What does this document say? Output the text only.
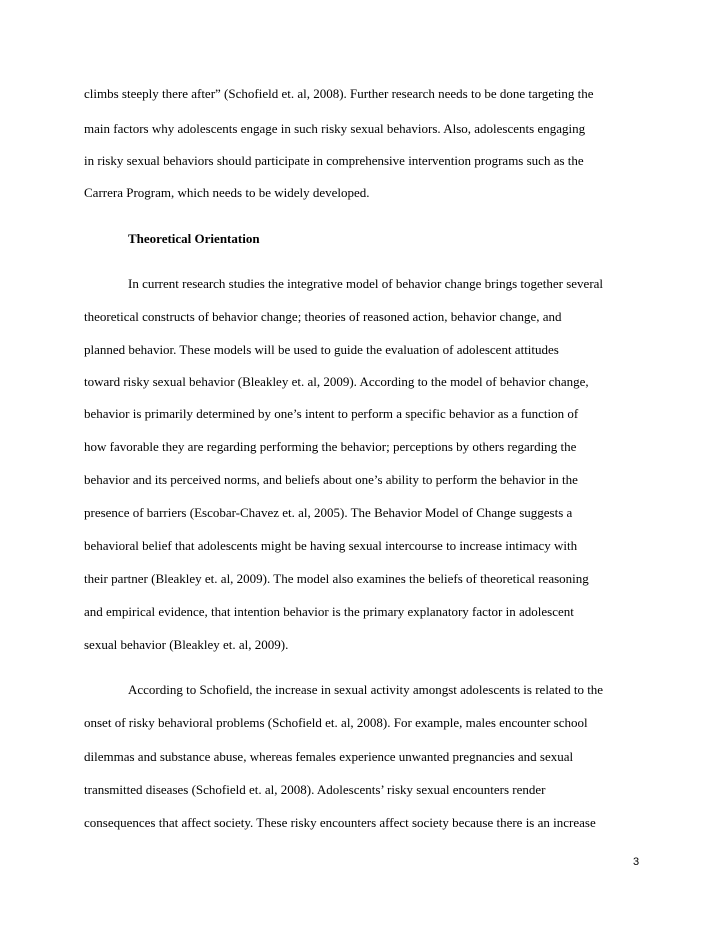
climbs steeply there after” (Schofield et. al, 2008). Further research needs to be done targeting the
main factors why adolescents engage in such risky sexual behaviors. Also, adolescents engaging
in risky sexual behaviors should participate in comprehensive intervention programs such as the
Carrera Program, which needs to be widely developed.
Theoretical Orientation
In current research studies the integrative model of behavior change brings together several
theoretical constructs of behavior change; theories of reasoned action, behavior change, and
planned behavior. These models will be used to guide the evaluation of adolescent attitudes
toward risky sexual behavior (Bleakley et. al, 2009). According to the model of behavior change,
behavior is primarily determined by one’s intent to perform a specific behavior as a function of
how favorable they are regarding performing the behavior; perceptions by others regarding the
behavior and its perceived norms, and beliefs about one’s ability to perform the behavior in the
presence of barriers (Escobar-Chavez et. al, 2005). The Behavior Model of Change suggests a
behavioral belief that adolescents might be having sexual intercourse to increase intimacy with
their partner (Bleakley et. al, 2009). The model also examines the beliefs of theoretical reasoning
and empirical evidence, that intention behavior is the primary explanatory factor in adolescent
sexual behavior (Bleakley et. al, 2009).
According to Schofield, the increase in sexual activity amongst adolescents is related to the
onset of risky behavioral problems (Schofield et. al, 2008). For example, males encounter school
dilemmas and substance abuse, whereas females experience unwanted pregnancies and sexual
transmitted diseases (Schofield et. al, 2008). Adolescents’ risky sexual encounters render
consequences that affect society. These risky encounters affect society because there is an increase
3
